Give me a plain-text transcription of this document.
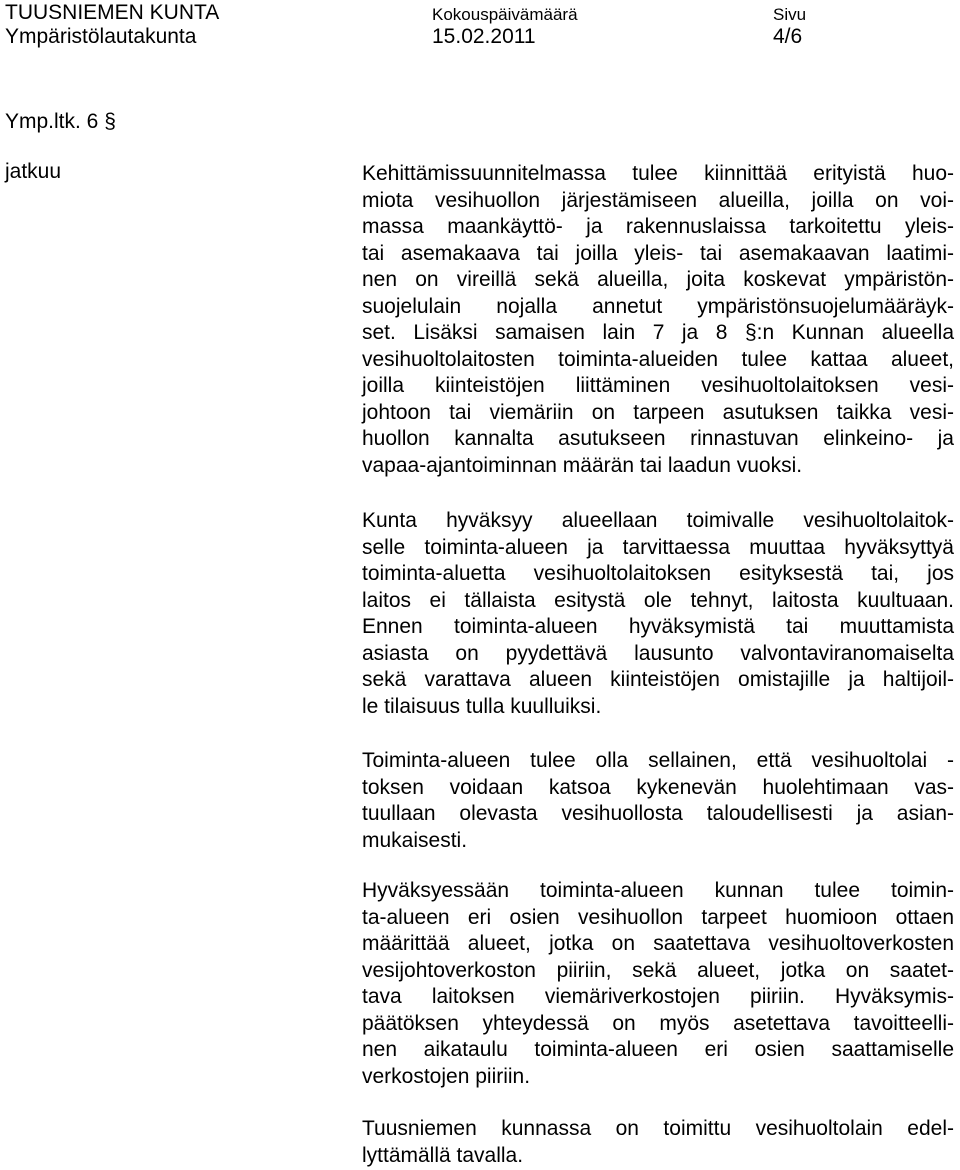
TUUSNIEMEN KUNTA
Ympäristölautakunta
Kokouspäivämäärä
15.02.2011
Sivu
4/6
Ymp.ltk. 6 §
jatkuu	Kehittämissuunnitelmassa tulee kiinnittää erityistä huo-
miota vesihuollon järjestämiseen alueilla, joilla on voi-
massa maankäyttö- ja rakennuslaissa tarkoitettu yleis-
tai asemakaava tai joilla yleis- tai asemakaavan laatimi-
nen on vireillä sekä alueilla, joita koskevat ympäristön-
suojelulain nojalla annetut ympäristönsuojelumääräyk-
set. Lisäksi samaisen lain 7 ja 8 §:n Kunnan alueella
vesihuoltolaitosten toiminta-alueiden tulee kattaa alueet,
joilla kiinteistöjen liittäminen vesihuoltolaitoksen vesi-
johtoon tai viemäriin on tarpeen asutuksen taikka vesi-
huollon kannalta asutukseen rinnastuvan elinkeino- ja
vapaa-ajantoiminnan määrän tai laadun vuoksi.
Kunta hyväksyy alueellaan toimivalle vesihuoltolaitok-
selle toiminta-alueen ja tarvittaessa muuttaa hyväksyttyä
toiminta-aluetta vesihuoltolaitoksen esityksestä tai, jos
laitos ei tällaista esitystä ole tehnyt, laitosta kuultuaan.
Ennen toiminta-alueen hyväksymistä tai muuttamista
asiasta on pyydettävä lausunto valvontaviranomaiselta
sekä varattava alueen kiinteistöjen omistajille ja haltijoil-
le tilaisuus tulla kuulluiksi.
Toiminta-alueen tulee olla sellainen, että vesihuoltolai -
toksen voidaan katsoa kykenevän huolehtimaan vas-
tuullaan olevasta vesihuollosta taloudellisesti ja asian-
mukaisesti.
Hyväksyessään toiminta-alueen kunnan tulee toimin-
ta-alueen eri osien vesihuollon tarpeet huomioon ottaen
määrittää alueet, jotka on saatettava vesihuoltoverkosten
vesijohtoverkoston piiriin, sekä alueet, jotka on saatet-
tava laitoksen viemäriverkostojen piiriin. Hyväksymis-
päätöksen yhteydessä on myös asetettava tavoitteelli-
nen aikataulu toiminta-alueen eri osien saattamiselle
verkostojen piiriin.
Tuusniemen kunnassa on toimittu vesihuoltolain edel-
lyttämällä tavalla.
